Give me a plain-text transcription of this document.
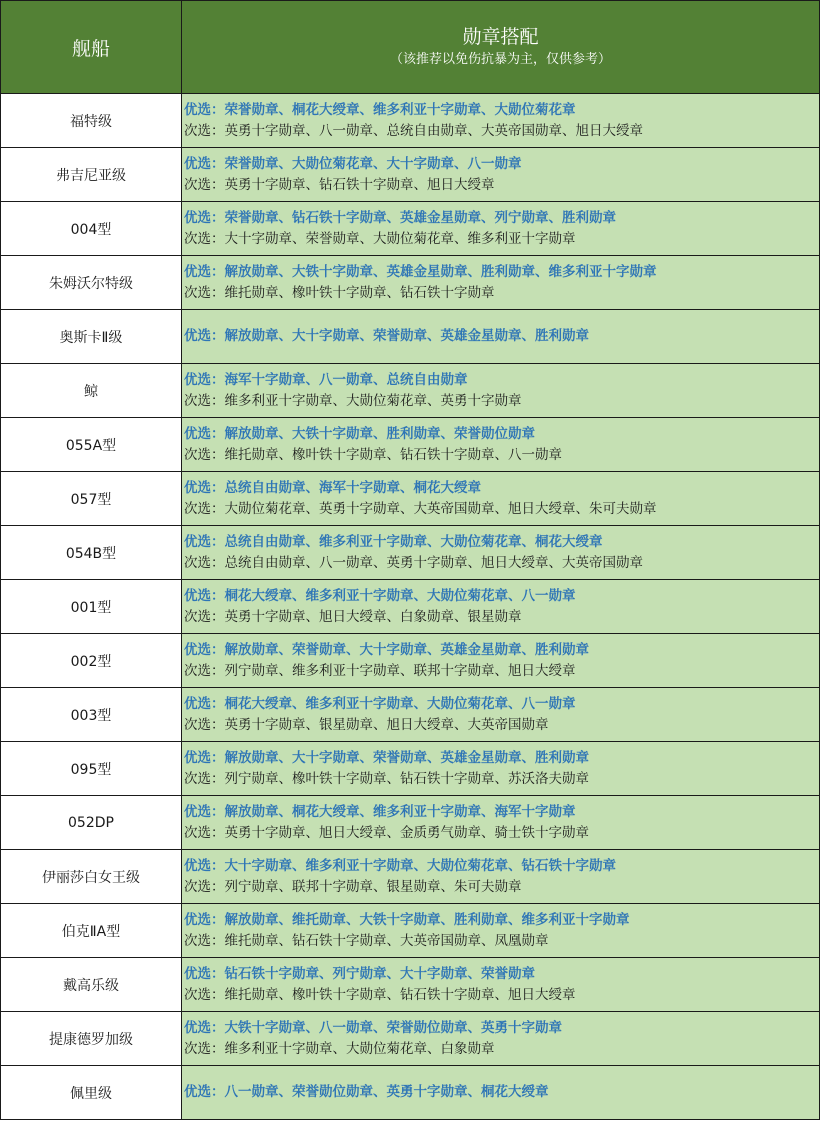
舰船	勋章搭配
（该推荐以免伤抗暴为主，仅供参考）

福特级	优选：荣誉勋章、桐花大绶章、维多利亚十字勋章、大勋位菊花章
次选：英勇十字勋章、八一勋章、总统自由勋章、大英帝国勋章、旭日大绶章

弗吉尼亚级	优选：荣誉勋章、大勋位菊花章、大十字勋章、八一勋章
次选：英勇十字勋章、钻石铁十字勋章、旭日大绶章

004型	优选：荣誉勋章、钻石铁十字勋章、英雄金星勋章、列宁勋章、胜利勋章
次选：大十字勋章、荣誉勋章、大勋位菊花章、维多利亚十字勋章

朱姆沃尔特级	优选：解放勋章、大铁十字勋章、英雄金星勋章、胜利勋章、维多利亚十字勋章
次选：维托勋章、橡叶铁十字勋章、钻石铁十字勋章

奥斯卡Ⅱ级	优选：解放勋章、大十字勋章、荣誉勋章、英雄金星勋章、胜利勋章

鲸	优选：海军十字勋章、八一勋章、总统自由勋章
次选：维多利亚十字勋章、大勋位菊花章、英勇十字勋章

055A型	优选：解放勋章、大铁十字勋章、胜利勋章、荣誉勋位勋章
次选：维托勋章、橡叶铁十字勋章、钻石铁十字勋章、八一勋章

057型	优选：总统自由勋章、海军十字勋章、桐花大绶章
次选：大勋位菊花章、英勇十字勋章、大英帝国勋章、旭日大绶章、朱可夫勋章

054B型	优选：总统自由勋章、维多利亚十字勋章、大勋位菊花章、桐花大绶章
次选：总统自由勋章、八一勋章、英勇十字勋章、旭日大绶章、大英帝国勋章

001型	优选：桐花大绶章、维多利亚十字勋章、大勋位菊花章、八一勋章
次选：英勇十字勋章、旭日大绶章、白象勋章、银星勋章

002型	优选：解放勋章、荣誉勋章、大十字勋章、英雄金星勋章、胜利勋章
次选：列宁勋章、维多利亚十字勋章、联邦十字勋章、旭日大绶章

003型	优选：桐花大绶章、维多利亚十字勋章、大勋位菊花章、八一勋章
次选：英勇十字勋章、银星勋章、旭日大绶章、大英帝国勋章

095型	优选：解放勋章、大十字勋章、荣誉勋章、英雄金星勋章、胜利勋章
次选：列宁勋章、橡叶铁十字勋章、钻石铁十字勋章、苏沃洛夫勋章

052DP	优选：解放勋章、桐花大绶章、维多利亚十字勋章、海军十字勋章
次选：英勇十字勋章、旭日大绶章、金质勇气勋章、骑士铁十字勋章

伊丽莎白女王级	优选：大十字勋章、维多利亚十字勋章、大勋位菊花章、钻石铁十字勋章
次选：列宁勋章、联邦十字勋章、银星勋章、朱可夫勋章

伯克ⅡA型	优选：解放勋章、维托勋章、大铁十字勋章、胜利勋章、维多利亚十字勋章
次选：维托勋章、钻石铁十字勋章、大英帝国勋章、凤凰勋章

戴高乐级	优选：钻石铁十字勋章、列宁勋章、大十字勋章、荣誉勋章
次选：维托勋章、橡叶铁十字勋章、钻石铁十字勋章、旭日大绶章

提康德罗加级	优选：大铁十字勋章、八一勋章、荣誉勋位勋章、英勇十字勋章
次选：维多利亚十字勋章、大勋位菊花章、白象勋章

佩里级	优选：八一勋章、荣誉勋位勋章、英勇十字勋章、桐花大绶章
